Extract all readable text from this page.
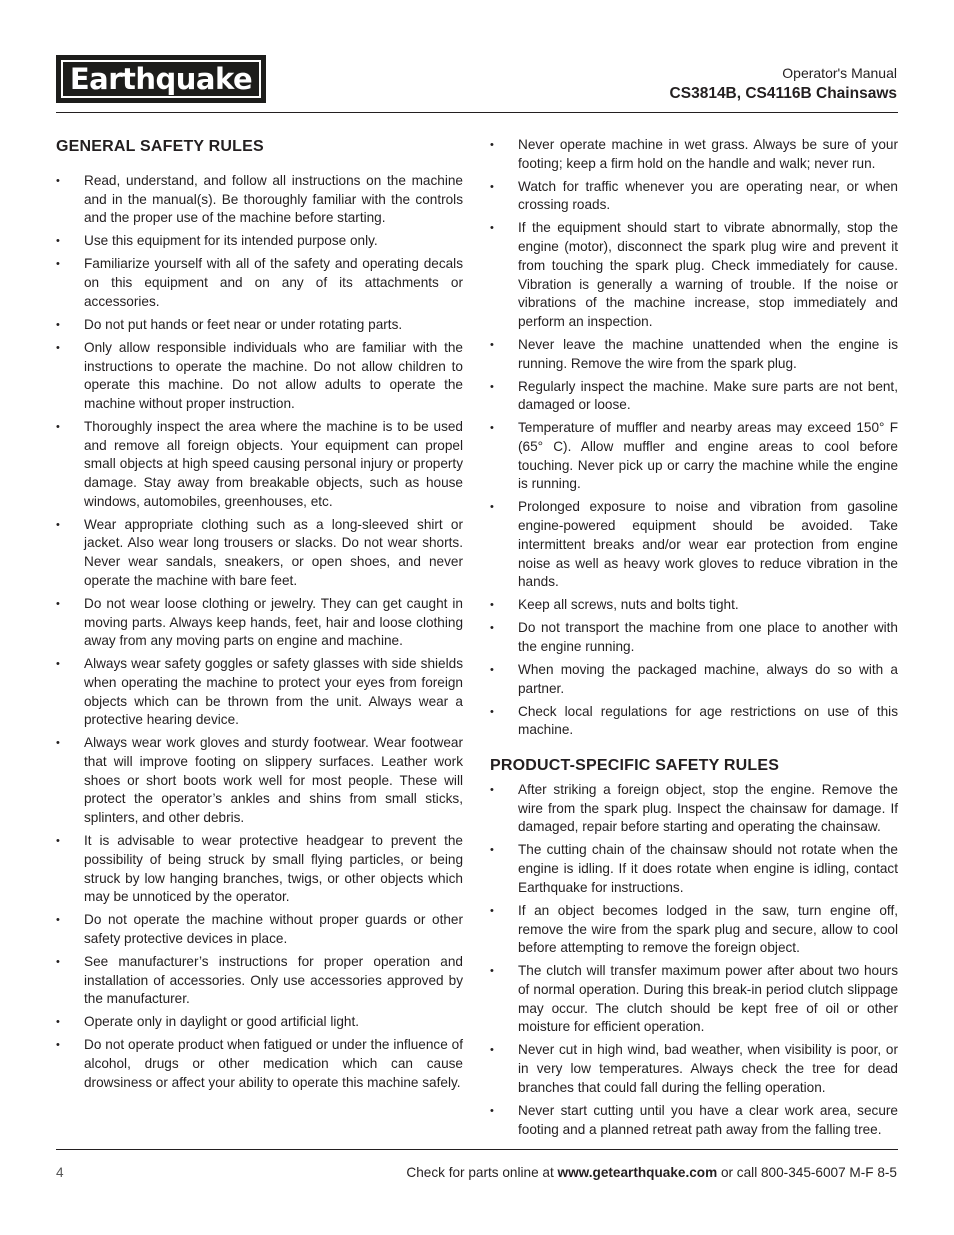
Earthquake	Operator's Manual
CS3814B, CS4116B Chainsaws
GENERAL SAFETY RULES
• Read, understand, and follow all instructions on the machine and in the manual(s). Be thoroughly familiar with the controls and the proper use of the machine before starting.
• Use this equipment for its intended purpose only.
• Familiarize yourself with all of the safety and operating decals on this equipment and on any of its attachments or accessories.
• Do not put hands or feet near or under rotating parts.
• Only allow responsible individuals who are familiar with the instructions to operate the machine. Do not allow children to operate this machine. Do not allow adults to operate the machine without proper instruction.
• Thoroughly inspect the area where the machine is to be used and remove all foreign objects. Your equipment can propel small objects at high speed causing personal injury or property damage. Stay away from breakable objects, such as house windows, automobiles, greenhouses, etc.
• Wear appropriate clothing such as a long-sleeved shirt or jacket. Also wear long trousers or slacks. Do not wear shorts. Never wear sandals, sneakers, or open shoes, and never operate the machine with bare feet.
• Do not wear loose clothing or jewelry. They can get caught in moving parts. Always keep hands, feet, hair and loose clothing away from any moving parts on engine and machine.
• Always wear safety goggles or safety glasses with side shields when operating the machine to protect your eyes from foreign objects which can be thrown from the unit. Always wear a protective hearing device.
• Always wear work gloves and sturdy footwear. Wear footwear that will improve footing on slippery surfaces. Leather work shoes or short boots work well for most people. These will protect the operator’s ankles and shins from small sticks, splinters, and other debris.
• It is advisable to wear protective headgear to prevent the possibility of being struck by small flying particles, or being struck by low hanging branches, twigs, or other objects which may be unnoticed by the operator.
• Do not operate the machine without proper guards or other safety protective devices in place.
• See manufacturer’s instructions for proper operation and installation of accessories. Only use accessories approved by the manufacturer.
• Operate only in daylight or good artificial light.
• Do not operate product when fatigued or under the influence of alcohol, drugs or other medication which can cause drowsiness or affect your ability to operate this machine safely.
• Never operate machine in wet grass. Always be sure of your footing; keep a firm hold on the handle and walk; never run.
• Watch for traffic whenever you are operating near, or when crossing roads.
• If the equipment should start to vibrate abnormally, stop the engine (motor), disconnect the spark plug wire and prevent it from touching the spark plug. Check immediately for cause. Vibration is generally a warning of trouble. If the noise or vibrations of the machine increase, stop immediately and perform an inspection.
• Never leave the machine unattended when the engine is running. Remove the wire from the spark plug.
• Regularly inspect the machine. Make sure parts are not bent, damaged or loose.
• Temperature of muffler and nearby areas may exceed 150° F (65° C). Allow muffler and engine areas to cool before touching. Never pick up or carry the machine while the engine is running.
• Prolonged exposure to noise and vibration from gasoline engine-powered equipment should be avoided. Take intermittent breaks and/or wear ear protection from engine noise as well as heavy work gloves to reduce vibration in the hands.
• Keep all screws, nuts and bolts tight.
• Do not transport the machine from one place to another with the engine running.
• When moving the packaged machine, always do so with a partner.
• Check local regulations for age restrictions on use of this machine.
PRODUCT-SPECIFIC SAFETY RULES
• After striking a foreign object, stop the engine. Remove the wire from the spark plug. Inspect the chainsaw for damage. If damaged, repair before starting and operating the chainsaw.
• The cutting chain of the chainsaw should not rotate when the engine is idling. If it does rotate when engine is idling, contact Earthquake for instructions.
• If an object becomes lodged in the saw, turn engine off, remove the wire from the spark plug and secure, allow to cool before attempting to remove the foreign object.
• The clutch will transfer maximum power after about two hours of normal operation. During this break-in period clutch slippage may occur. The clutch should be kept free of oil or other moisture for efficient operation.
• Never cut in high wind, bad weather, when visibility is poor, or in very low temperatures. Always check the tree for dead branches that could fall during the felling operation.
• Never start cutting until you have a clear work area, secure footing and a planned retreat path away from the falling tree.
4	Check for parts online at www.getearthquake.com or call 800-345-6007 M-F 8-5
